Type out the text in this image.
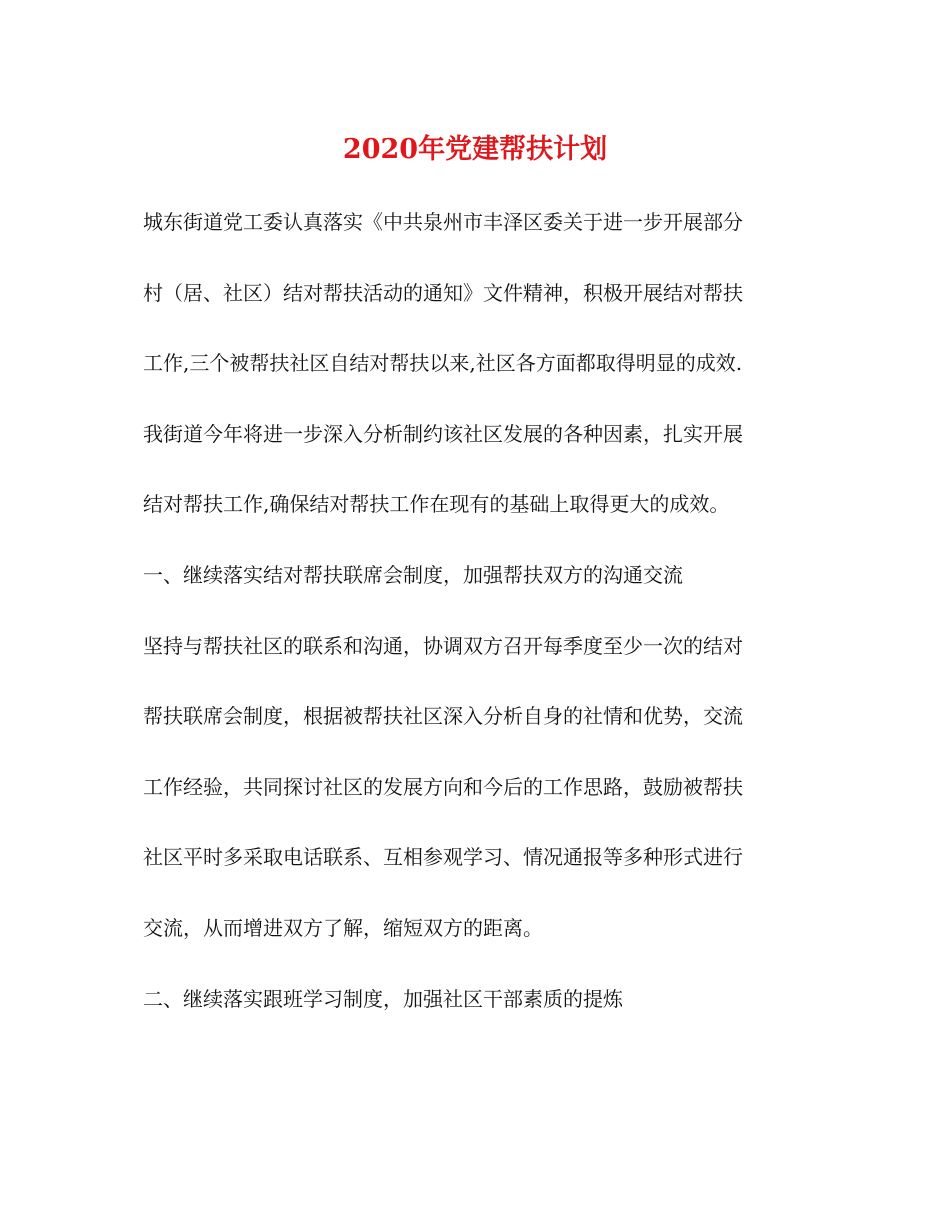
2020年党建帮扶计划

城东街道党工委认真落实《中共泉州市丰泽区委关于进一步开展部分

村（居、社区）结对帮扶活动的通知》文件精神，积极开展结对帮扶

工作,三个被帮扶社区自结对帮扶以来,社区各方面都取得明显的成效.

我街道今年将进一步深入分析制约该社区发展的各种因素，扎实开展

结对帮扶工作,确保结对帮扶工作在现有的基础上取得更大的成效。

一、继续落实结对帮扶联席会制度，加强帮扶双方的沟通交流

坚持与帮扶社区的联系和沟通，协调双方召开每季度至少一次的结对

帮扶联席会制度，根据被帮扶社区深入分析自身的社情和优势，交流

工作经验，共同探讨社区的发展方向和今后的工作思路，鼓励被帮扶

社区平时多采取电话联系、互相参观学习、情况通报等多种形式进行

交流，从而增进双方了解，缩短双方的距离。

二、继续落实跟班学习制度，加强社区干部素质的提炼
